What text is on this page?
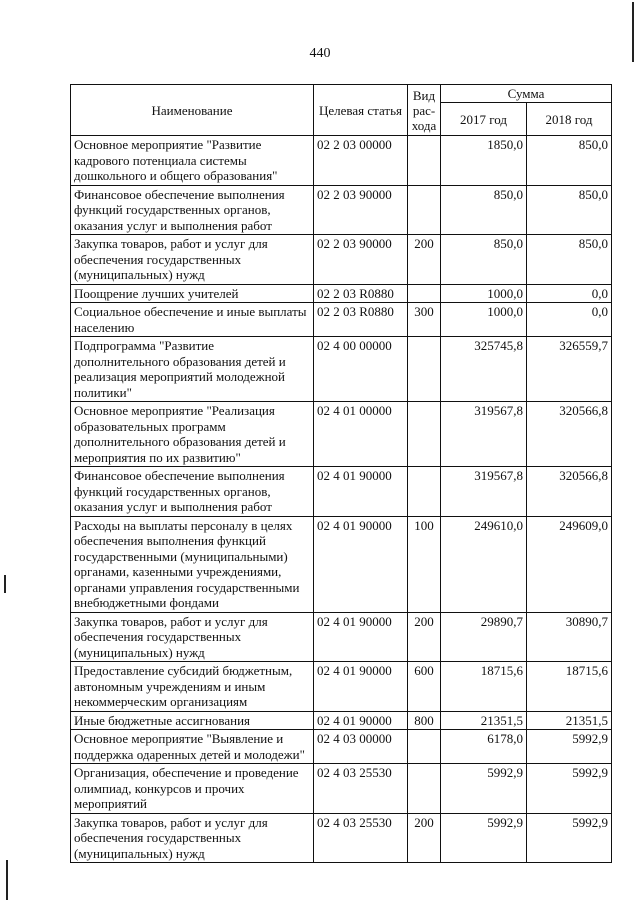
440
Наименование	Целевая статья	Вид рас-хода	Сумма	
			2017 год	2018 год
Основное мероприятие "Развитие кадрового потенциала системы дошкольного и общего образования"	02 2 03 00000		1850,0	850,0
Финансовое обеспечение выполнения функций государственных органов, оказания услуг и выполнения работ	02 2 03 90000		850,0	850,0
Закупка товаров, работ и услуг для обеспечения государственных (муниципальных) нужд	02 2 03 90000	200	850,0	850,0
Поощрение лучших учителей	02 2 03 R0880		1000,0	0,0
Социальное обеспечение и иные выплаты населению	02 2 03 R0880	300	1000,0	0,0
Подпрограмма "Развитие дополнительного образования детей и реализация мероприятий молодежной политики"	02 4 00 00000		325745,8	326559,7
Основное мероприятие "Реализация образовательных программ дополнительного образования детей и мероприятия по их развитию"	02 4 01 00000		319567,8	320566,8
Финансовое обеспечение выполнения функций государственных органов, оказания услуг и выполнения работ	02 4 01 90000		319567,8	320566,8
Расходы на выплаты персоналу в целях обеспечения выполнения функций государственными (муниципальными) органами, казенными учреждениями, органами управления государственными внебюджетными фондами	02 4 01 90000	100	249610,0	249609,0
Закупка товаров, работ и услуг для обеспечения государственных (муниципальных) нужд	02 4 01 90000	200	29890,7	30890,7
Предоставление субсидий бюджетным, автономным учреждениям и иным некоммерческим организациям	02 4 01 90000	600	18715,6	18715,6
Иные бюджетные ассигнования	02 4 01 90000	800	21351,5	21351,5
Основное мероприятие "Выявление и поддержка одаренных детей и молодежи"	02 4 03 00000		6178,0	5992,9
Организация, обеспечение и проведение олимпиад, конкурсов и прочих мероприятий	02 4 03 25530		5992,9	5992,9
Закупка товаров, работ и услуг для обеспечения государственных (муниципальных) нужд	02 4 03 25530	200	5992,9	5992,9
